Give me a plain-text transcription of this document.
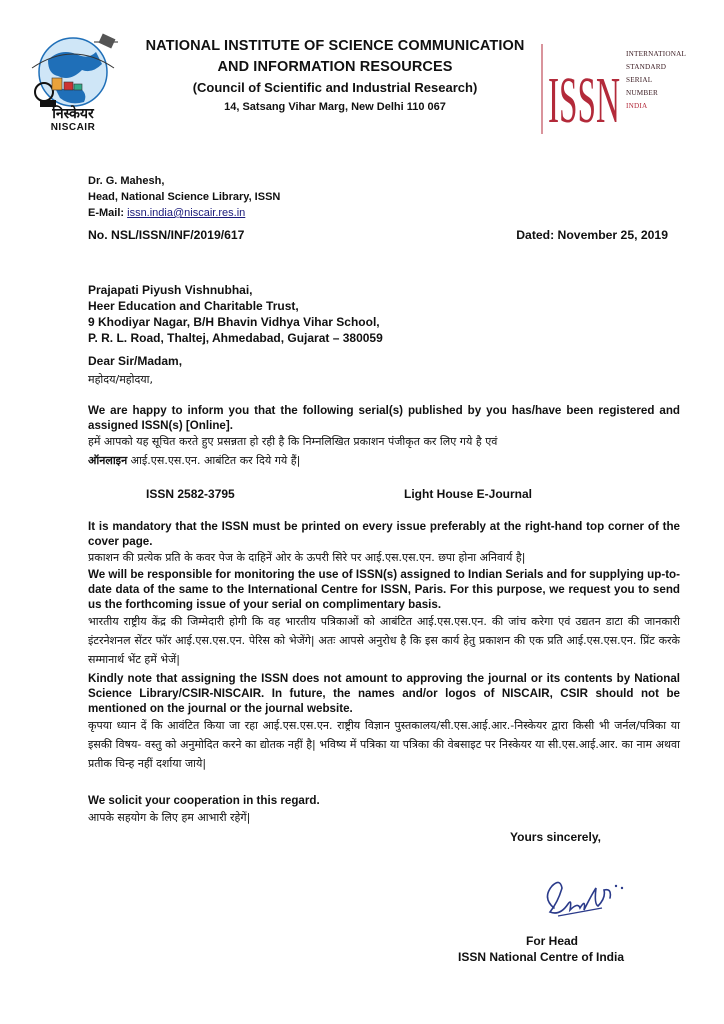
निस्केयर
NISCAIR
NATIONAL INSTITUTE OF SCIENCE COMMUNICATION
AND INFORMATION RESOURCES
(Council of Scientific and Industrial Research)
14, Satsang Vihar Marg, New Delhi 110 067	ISSN
INTERNATIONAL
STANDARD
SERIAL
NUMBER
INDIA
Dr. G. Mahesh,
Head, National Science Library, ISSN
E-Mail: issn.india@niscair.res.in
No. NSL/ISSN/INF/2019/617	Dated: November 25, 2019
Prajapati Piyush Vishnubhai,
Heer Education and Charitable Trust,
9 Khodiyar Nagar, B/H Bhavin Vidhya Vihar School,
P. R. L. Road, Thaltej, Ahmedabad, Gujarat – 380059
Dear Sir/Madam,
महोदय/महोदया,
We are happy to inform you that the following serial(s) published by you has/have been registered and assigned ISSN(s) [Online].
हमें आपको यह सूचित करते हुए प्रसन्नता हो रही है कि निम्नलिखित प्रकाशन पंजीकृत कर लिए गये है एवं
ऑनलाइन आई.एस.एस.एन. आबंटित कर दिये गये हैं|
ISSN 2582-3795	Light House E-Journal
It is mandatory that the ISSN must be printed on every issue preferably at the right-hand top corner of the cover page.
प्रकाशन की प्रत्येक प्रति के कवर पेज के दाहिनें ओर के ऊपरी सिरे पर आई.एस.एस.एन. छपा होना अनिवार्य है|
We will be responsible for monitoring the use of ISSN(s) assigned to Indian Serials and for supplying up-to-date data of the same to the International Centre for ISSN, Paris. For this purpose, we request you to send us the forthcoming issue of your serial on complimentary basis.
भारतीय राष्ट्रीय केंद्र की जिम्मेदारी होगी कि वह भारतीय पत्रिकाओं को आबंटित आई.एस.एस.एन. की जांच करेगा एवं उद्यतन डाटा की जानकारी इंटरनेशनल सेंटर फॉर आई.एस.एस.एन. पेरिस को भेजेंगे| अतः आपसे अनुरोध है कि इस कार्य हेतु प्रकाशन की एक प्रति आई.एस.एस.एन. प्रिंट करके सम्मानार्थ भेंट हमें भेजें|
Kindly note that assigning the ISSN does not amount to approving the journal or its contents by National Science Library/CSIR-NISCAIR. In future, the names and/or logos of NISCAIR, CSIR should not be mentioned on the journal or the journal website.
कृपया ध्यान दें कि आवंटित किया जा रहा आई.एस.एस.एन. राष्ट्रीय विज्ञान पुस्तकालय/सी.एस.आई.आर.-निस्केयर द्वारा किसी भी जर्नल/पत्रिका या इसकी विषय- वस्तु को अनुमोदित करने का द्योतक नहीं है| भविष्य में पत्रिका या पत्रिका की वेबसाइट पर निस्केयर या सी.एस.आई.आर. का नाम अथवा प्रतीक चिन्ह नहीं दर्शाया जाये|
We solicit your cooperation in this regard.
आपके सहयोग के लिए हम आभारी रहेगें|
Yours sincerely,
For Head
ISSN National Centre of India
